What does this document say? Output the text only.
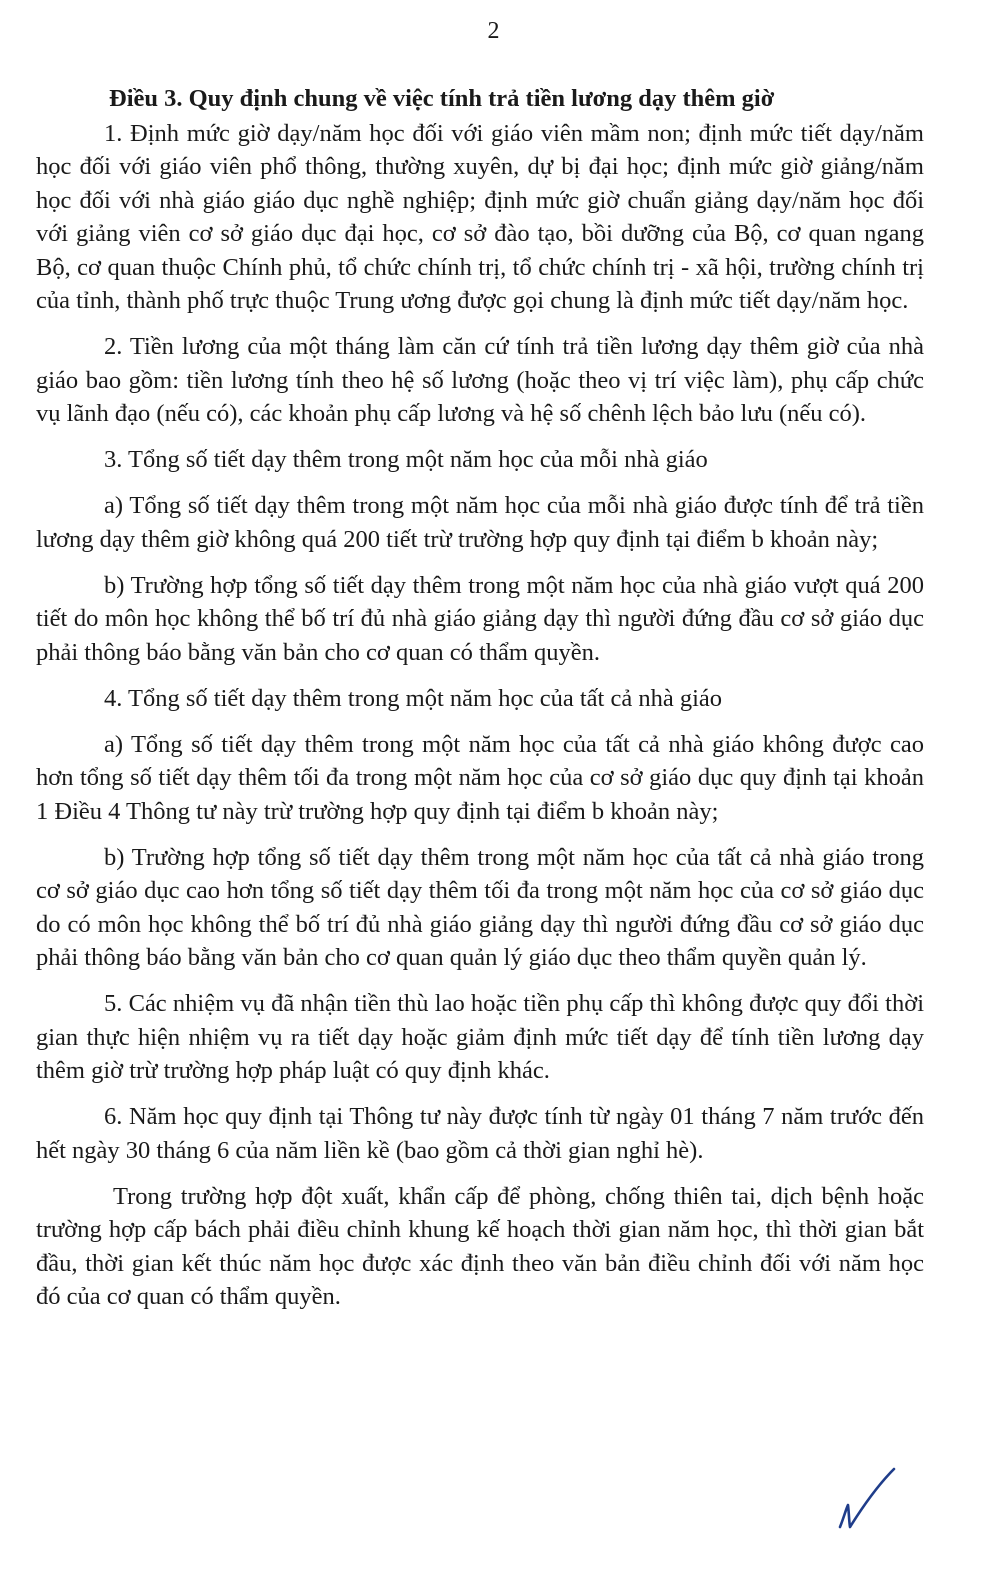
2
Điều 3. Quy định chung về việc tính trả tiền lương dạy thêm giờ

1. Định mức giờ dạy/năm học đối với giáo viên mầm non; định mức tiết dạy/năm học đối với giáo viên phổ thông, thường xuyên, dự bị đại học; định mức giờ giảng/năm học đối với nhà giáo giáo dục nghề nghiệp; định mức giờ chuẩn giảng dạy/năm học đối với giảng viên cơ sở giáo dục đại học, cơ sở đào tạo, bồi dưỡng của Bộ, cơ quan ngang Bộ, cơ quan thuộc Chính phủ, tổ chức chính trị, tổ chức chính trị - xã hội, trường chính trị của tỉnh, thành phố trực thuộc Trung ương được gọi chung là định mức tiết dạy/năm học.

2. Tiền lương của một tháng làm căn cứ tính trả tiền lương dạy thêm giờ của nhà giáo bao gồm: tiền lương tính theo hệ số lương (hoặc theo vị trí việc làm), phụ cấp chức vụ lãnh đạo (nếu có), các khoản phụ cấp lương và hệ số chênh lệch bảo lưu (nếu có).

3. Tổng số tiết dạy thêm trong một năm học của mỗi nhà giáo

a) Tổng số tiết dạy thêm trong một năm học của mỗi nhà giáo được tính để trả tiền lương dạy thêm giờ không quá 200 tiết trừ trường hợp quy định tại điểm b khoản này;

b) Trường hợp tổng số tiết dạy thêm trong một năm học của nhà giáo vượt quá 200 tiết do môn học không thể bố trí đủ nhà giáo giảng dạy thì người đứng đầu cơ sở giáo dục phải thông báo bằng văn bản cho cơ quan có thẩm quyền.

4. Tổng số tiết dạy thêm trong một năm học của tất cả nhà giáo

a) Tổng số tiết dạy thêm trong một năm học của tất cả nhà giáo không được cao hơn tổng số tiết dạy thêm tối đa trong một năm học của cơ sở giáo dục quy định tại khoản 1 Điều 4 Thông tư này trừ trường hợp quy định tại điểm b khoản này;

b) Trường hợp tổng số tiết dạy thêm trong một năm học của tất cả nhà giáo trong cơ sở giáo dục cao hơn tổng số tiết dạy thêm tối đa trong một năm học của cơ sở giáo dục do có môn học không thể bố trí đủ nhà giáo giảng dạy thì người đứng đầu cơ sở giáo dục phải thông báo bằng văn bản cho cơ quan quản lý giáo dục theo thẩm quyền quản lý.

5. Các nhiệm vụ đã nhận tiền thù lao hoặc tiền phụ cấp thì không được quy đổi thời gian thực hiện nhiệm vụ ra tiết dạy hoặc giảm định mức tiết dạy để tính tiền lương dạy thêm giờ trừ trường hợp pháp luật có quy định khác.

6. Năm học quy định tại Thông tư này được tính từ ngày 01 tháng 7 năm trước đến hết ngày 30 tháng 6 của năm liền kề (bao gồm cả thời gian nghỉ hè).

Trong trường hợp đột xuất, khẩn cấp để phòng, chống thiên tai, dịch bệnh hoặc trường hợp cấp bách phải điều chỉnh khung kế hoạch thời gian năm học, thì thời gian bắt đầu, thời gian kết thúc năm học được xác định theo văn bản điều chỉnh đối với năm học đó của cơ quan có thẩm quyền.
